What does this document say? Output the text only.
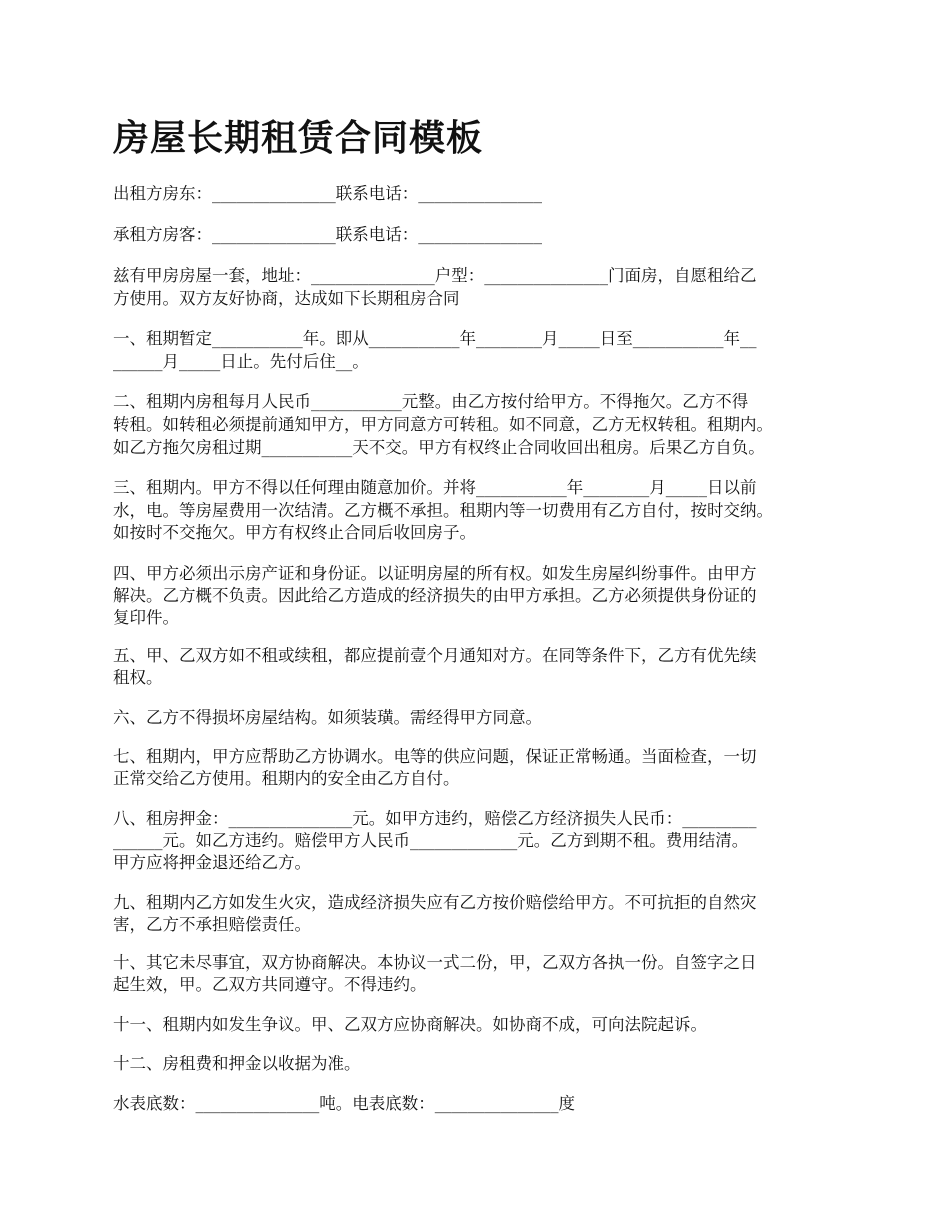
房屋长期租赁合同模板
出租方房东：_______________联系电话：_______________
承租方房客：_______________联系电话：_______________
兹有甲房房屋一套，地址：_______________户型：_______________门面房，自愿租给乙
方使用。双方友好协商，达成如下长期租房合同
一、租期暂定___________年。即从___________年________月_____日至___________年__
______月_____日止。先付后住__。
二、租期内房租每月人民币___________元整。由乙方按付给甲方。不得拖欠。乙方不得
转租。如转租必须提前通知甲方，甲方同意方可转租。如不同意，乙方无权转租。租期内。
如乙方拖欠房租过期___________天不交。甲方有权终止合同收回出租房。后果乙方自负。
三、租期内。甲方不得以任何理由随意加价。并将___________年________月_____日以前
水，电。等房屋费用一次结清。乙方概不承担。租期内等一切费用有乙方自付，按时交纳。
如按时不交拖欠。甲方有权终止合同后收回房子。
四、甲方必须出示房产证和身份证。以证明房屋的所有权。如发生房屋纠纷事件。由甲方
解决。乙方概不负责。因此给乙方造成的经济损失的由甲方承担。乙方必须提供身份证的
复印件。
五、甲、乙双方如不租或续租，都应提前壹个月通知对方。在同等条件下，乙方有优先续
租权。
六、乙方不得损坏房屋结构。如须装璜。需经得甲方同意。
七、租期内，甲方应帮助乙方协调水。电等的供应问题，保证正常畅通。当面检查，一切
正常交给乙方使用。租期内的安全由乙方自付。
八、租房押金：_______________元。如甲方违约，赔偿乙方经济损失人民币：_________
______元。如乙方违约。赔偿甲方人民币_____________元。乙方到期不租。费用结清。
甲方应将押金退还给乙方。
九、租期内乙方如发生火灾，造成经济损失应有乙方按价赔偿给甲方。不可抗拒的自然灾
害，乙方不承担赔偿责任。
十、其它未尽事宜，双方协商解决。本协议一式二份，甲，乙双方各执一份。自签字之日
起生效，甲。乙双方共同遵守。不得违约。
十一、租期内如发生争议。甲、乙双方应协商解决。如协商不成，可向法院起诉。
十二、房租费和押金以收据为准。
水表底数：_______________吨。电表底数：_______________度
